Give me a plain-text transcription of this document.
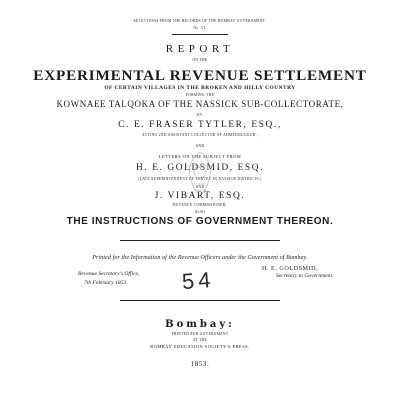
SELECTIONS FROM THE RECORDS OF THE BOMBAY GOVERNMENT.
No. VI.
REPORT
ON THE
EXPERIMENTAL REVENUE SETTLEMENT
OF CERTAIN VILLAGES IN THE BROKEN AND HILLY COUNTRY
FORMING THE
KOWNAEE TALQOKA OF THE NASSICK SUB-COLLECTORATE,
BY
C. E. FRASER TYTLER, ESQ.,
ACTING 2ND ASSISTANT COLLECTOR OF AHMEDNUGGUR ;
AND
LETTERS ON THE SUBJECT FROM
H. E. GOLDSMID, ESQ.
(LATE SUPERINTENDENT OF SURVEY IN NASSICK DISTRICTS,)
AND
J. VIBART, ESQ.
REVENUE COMMISSIONER;
ALSO
THE INSTRUCTIONS OF GOVERNMENT THEREON.
Printed for the Information of the Revenue Officers under the Government of Bombay.
Revenue Secretary's Office,
7th February 1853. 54	H. E. GOLDSMID,
Secretary to Government.
Bombay:
PRINTED FOR GOVERNMENT
AT THE
BOMBAY EDUCATION SOCIETY'S PRESS.
1853.
